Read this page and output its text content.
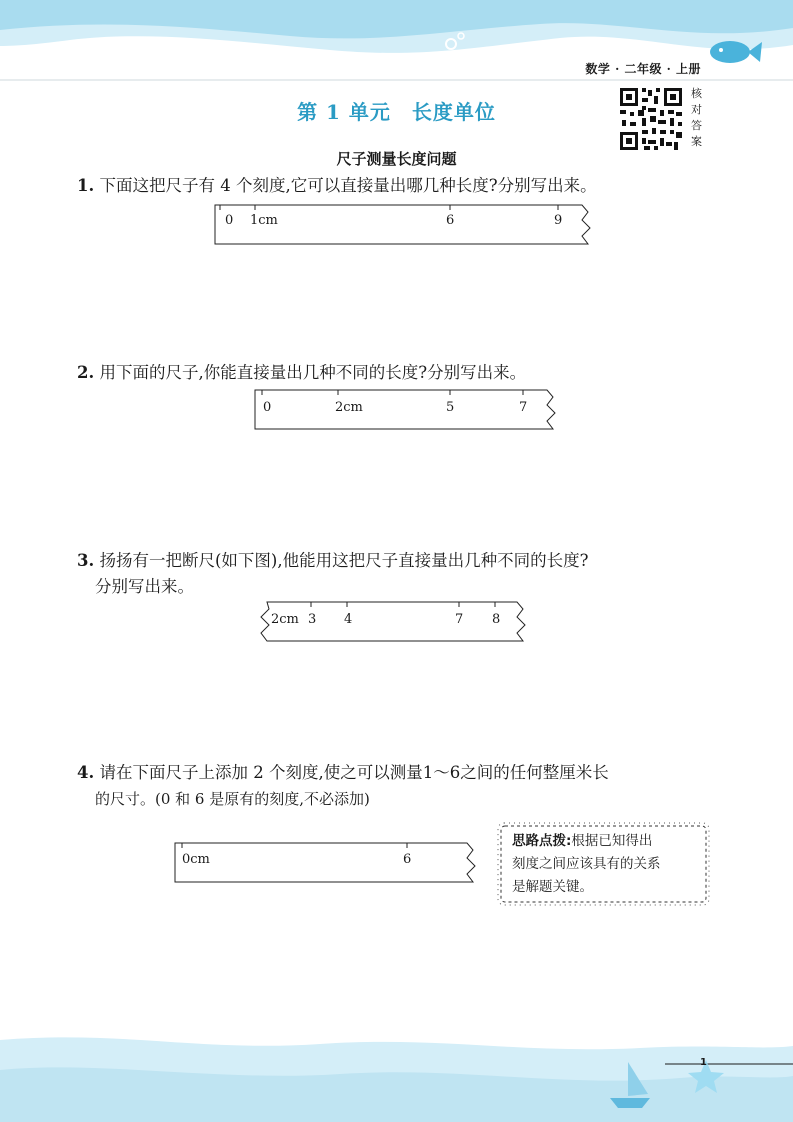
数学 · 二年级 · 上册
第 1 单元　长度单位
核
对
答
案
尺子测量长度问题
1. 下面这把尺子有 4 个刻度,它可以直接量出哪几种长度?分别写出来。
0 1cm	6	9
2. 用下面的尺子,你能直接量出几种不同的长度?分别写出来。
0	2cm	5	7
3. 扬扬有一把断尺(如下图),他能用这把尺子直接量出几种不同的长度?
分别写出来。
2cm 3 4	7 8
4. 请在下面尺子上添加 2 个刻度,使之可以测量1～6之间的任何整厘米长
的尺寸。(0 和 6 是原有的刻度,不必添加)
0cm	6
思路点拨:根据已知得出
刻度之间应该具有的关系
是解题关键。
1
